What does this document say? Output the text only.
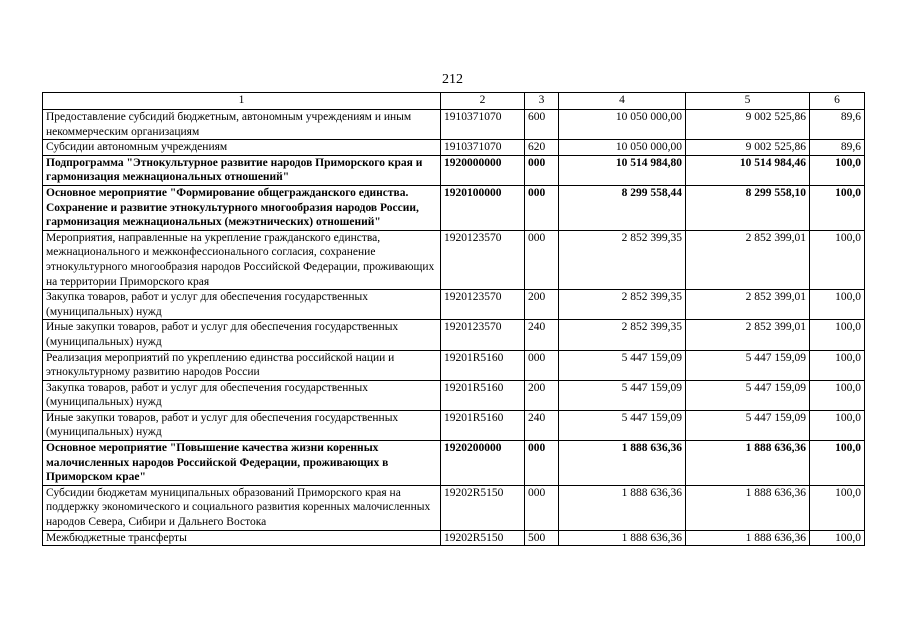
212
1	2	3	4	5	6
Предоставление субсидий бюджетным, автономным учреждениям и иным некоммерческим организациям	1910371070	600	10 050 000,00	9 002 525,86	89,6
Субсидии автономным учреждениям	1910371070	620	10 050 000,00	9 002 525,86	89,6
Подпрограмма "Этнокультурное развитие народов Приморского края и гармонизация межнациональных отношений"	1920000000	000	10 514 984,80	10 514 984,46	100,0
Основное мероприятие "Формирование общегражданского единства. Сохранение и развитие этнокультурного многообразия народов России, гармонизация межнациональных (межэтнических) отношений"	1920100000	000	8 299 558,44	8 299 558,10	100,0
Мероприятия, направленные на укрепление гражданского единства, межнационального и межконфессионального согласия, сохранение этнокультурного многообразия народов Российской Федерации, проживающих на территории Приморского края	1920123570	000	2 852 399,35	2 852 399,01	100,0
Закупка товаров, работ и услуг для обеспечения государственных (муниципальных) нужд	1920123570	200	2 852 399,35	2 852 399,01	100,0
Иные закупки товаров, работ и услуг для обеспечения государственных (муниципальных) нужд	1920123570	240	2 852 399,35	2 852 399,01	100,0
Реализация мероприятий по укреплению единства российской нации и этнокультурному развитию народов России	19201R5160	000	5 447 159,09	5 447 159,09	100,0
Закупка товаров, работ и услуг для обеспечения государственных (муниципальных) нужд	19201R5160	200	5 447 159,09	5 447 159,09	100,0
Иные закупки товаров, работ и услуг для обеспечения государственных (муниципальных) нужд	19201R5160	240	5 447 159,09	5 447 159,09	100,0
Основное мероприятие "Повышение качества жизни коренных малочисленных народов Российской Федерации, проживающих в Приморском крае"	1920200000	000	1 888 636,36	1 888 636,36	100,0
Субсидии бюджетам муниципальных образований Приморского края на поддержку экономического и социального развития коренных малочисленных народов Севера, Сибири и Дальнего Востока	19202R5150	000	1 888 636,36	1 888 636,36	100,0
Межбюджетные трансферты	19202R5150	500	1 888 636,36	1 888 636,36	100,0
